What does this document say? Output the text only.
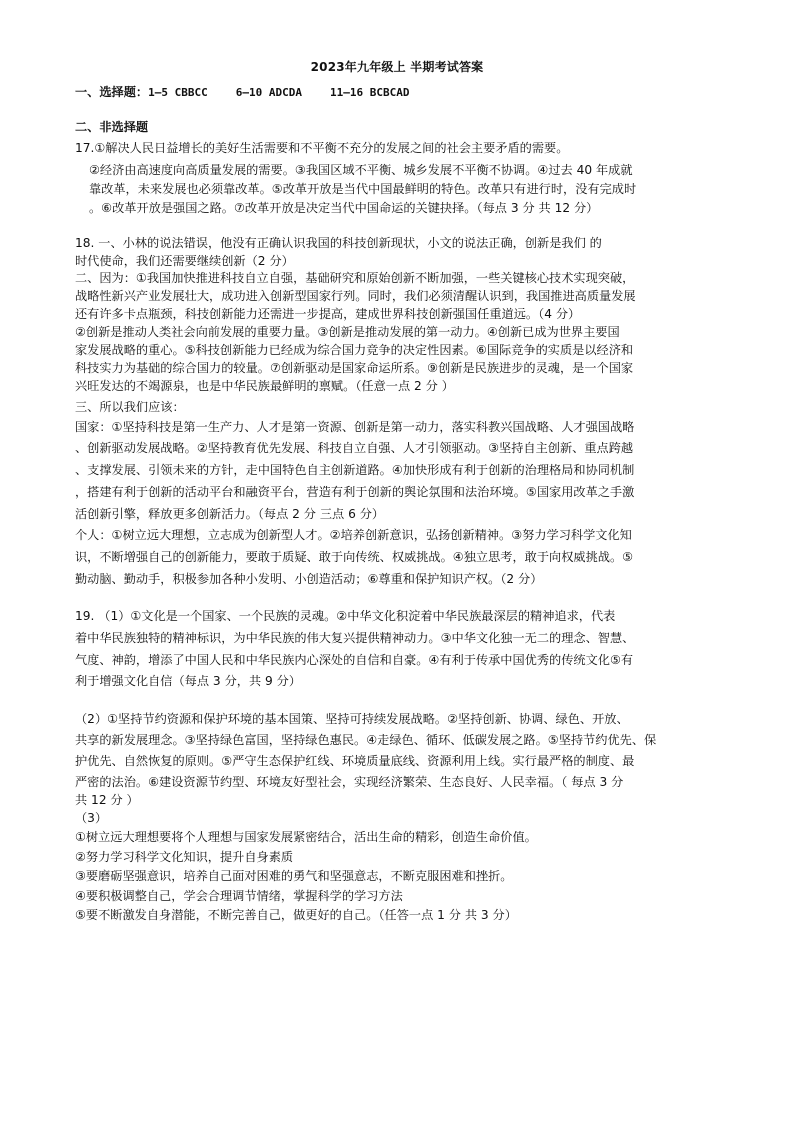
2023年九年级上 半期考试答案
一、选择题：1—5 CBBCC	6—10 ADCDA	11—16 BCBCAD
二、非选择题
17.①解决人民日益增长的美好生活需要和不平衡不充分的发展之间的社会主要矛盾的需要。
②经济由高速度向高质量发展的需要。③我国区域不平衡、城乡发展不平衡不协调。④过去 40 年成就
靠改革，未来发展也必须靠改革。⑤改革开放是当代中国最鲜明的特色。改革只有进行时，没有完成时
。⑥改革开放是强国之路。⑦改革开放是决定当代中国命运的关键抉择。（每点 3 分 共 12 分）
18. 一、小林的说法错误，他没有正确认识我国的科技创新现状，小文的说法正确，创新是我们 的
时代使命，我们还需要继续创新（2 分）
二、因为：①我国加快推进科技自立自强，基础研究和原始创新不断加强，一些关键核心技术实现突破，
战略性新兴产业发展壮大，成功进入创新型国家行列。同时，我们必须清醒认识到，我国推进高质量发展
还有许多卡点瓶颈，科技创新能力还需进一步提高，建成世界科技创新强国任重道远。（4 分）
②创新是推动人类社会向前发展的重要力量。③创新是推动发展的第一动力。④创新已成为世界主要国
家发展战略的重心。⑤科技创新能力已经成为综合国力竞争的决定性因素。⑥国际竞争的实质是以经济和
科技实力为基础的综合国力的较量。⑦创新驱动是国家命运所系。⑨创新是民族进步的灵魂，是一个国家
兴旺发达的不竭源泉，也是中华民族最鲜明的禀赋。（任意一点 2 分 ）
三、所以我们应该：
国家：①坚持科技是第一生产力、人才是第一资源、创新是第一动力，落实科教兴国战略、人才强国战略
、创新驱动发展战略。②坚持教育优先发展、科技自立自强、人才引领驱动。③坚持自主创新、重点跨越
、支撑发展、引领未来的方针，走中国特色自主创新道路。④加快形成有利于创新的治理格局和协同机制
，搭建有利于创新的活动平台和融资平台，营造有利于创新的舆论氛围和法治环境。⑤国家用改革之手激
活创新引擎，释放更多创新活力。（每点 2 分 三点 6 分）
个人：①树立远大理想，立志成为创新型人才。②培养创新意识，弘扬创新精神。③努力学习科学文化知
识，不断增强自己的创新能力，要敢于质疑、敢于向传统、权威挑战。④独立思考，敢于向权威挑战。⑤
勤动脑、勤动手，积极参加各种小发明、小创造活动；⑥尊重和保护知识产权。（2 分）
19. （1）①文化是一个国家、一个民族的灵魂。②中华文化积淀着中华民族最深层的精神追求，代表
着中华民族独特的精神标识，为中华民族的伟大复兴提供精神动力。③中华文化独一无二的理念、智慧、
气度、神韵，增添了中国人民和中华民族内心深处的自信和自豪。④有利于传承中国优秀的传统文化⑤有
利于增强文化自信（每点 3 分，共 9 分）
（2）①坚持节约资源和保护环境的基本国策、坚持可持续发展战略。②坚持创新、协调、绿色、开放、
共享的新发展理念。③坚持绿色富国，坚持绿色惠民。④走绿色、循环、低碳发展之路。⑤坚持节约优先、保
护优先、自然恢复的原则。⑤严守生态保护红线、环境质量底线、资源利用上线。实行最严格的制度、最
严密的法治。⑥建设资源节约型、环境友好型社会，实现经济繁荣、生态良好、人民幸福。（ 每点 3 分
共 12 分 ）
（3）
①树立远大理想要将个人理想与国家发展紧密结合，活出生命的精彩，创造生命价值。
②努力学习科学文化知识，提升自身素质
③要磨砺坚强意识，培养自己面对困难的勇气和坚强意志，不断克服困难和挫折。
④要积极调整自己，学会合理调节情绪，掌握科学的学习方法
⑤要不断激发自身潜能，不断完善自己，做更好的自己。（任答一点 1 分 共 3 分）
